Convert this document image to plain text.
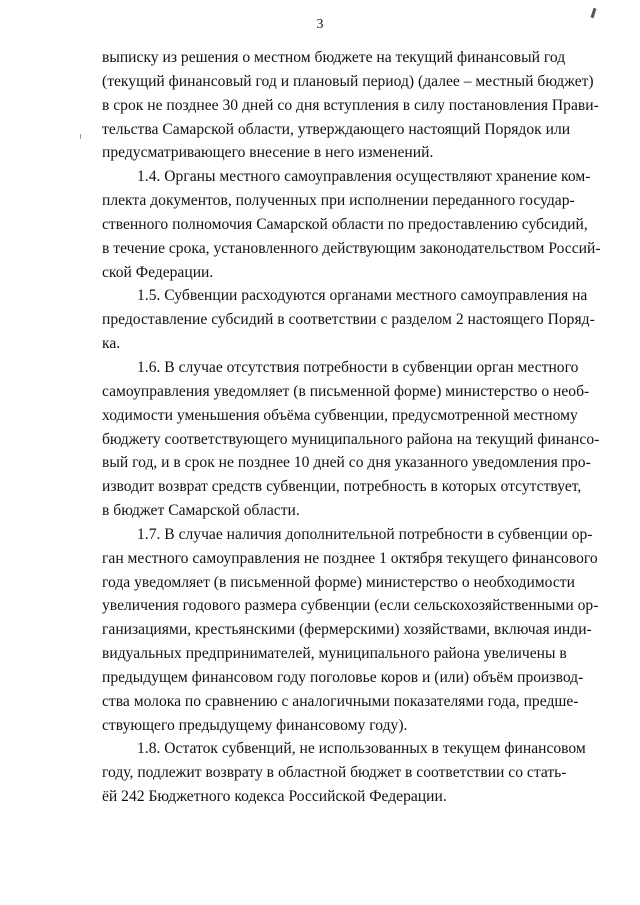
3
выписку из решения о местном бюджете на текущий финансовый год
(текущий финансовый год и плановый период) (далее – местный бюджет)
в срок не позднее 30 дней со дня вступления в силу постановления Прави-
тельства Самарской области, утверждающего настоящий Порядок или
предусматривающего внесение в него изменений.
1.4. Органы местного самоуправления осуществляют хранение ком-
плекта документов, полученных при исполнении переданного государ-
ственного полномочия Самарской области по предоставлению субсидий,
в течение срока, установленного действующим законодательством Россий-
ской Федерации.
1.5. Субвенции расходуются органами местного самоуправления на
предоставление субсидий в соответствии с разделом 2 настоящего Поряд-
ка.
1.6. В случае отсутствия потребности в субвенции орган местного
самоуправления уведомляет (в письменной форме) министерство о необ-
ходимости уменьшения объёма субвенции, предусмотренной местному
бюджету соответствующего муниципального района на текущий финансо-
вый год, и в срок не позднее 10 дней со дня указанного уведомления про-
изводит возврат средств субвенции, потребность в которых отсутствует,
в бюджет Самарской области.
1.7. В случае наличия дополнительной потребности в субвенции ор-
ган местного самоуправления не позднее 1 октября текущего финансового
года уведомляет (в письменной форме) министерство о необходимости
увеличения годового размера субвенции (если сельскохозяйственными ор-
ганизациями, крестьянскими (фермерскими) хозяйствами, включая инди-
видуальных предпринимателей, муниципального района увеличены в
предыдущем финансовом году поголовье коров и (или) объём производ-
ства молока по сравнению с аналогичными показателями года, предше-
ствующего предыдущему финансовому году).
1.8. Остаток субвенций, не использованных в текущем финансовом
году, подлежит возврату в областной бюджет в соответствии со стать-
ёй 242 Бюджетного кодекса Российской Федерации.
